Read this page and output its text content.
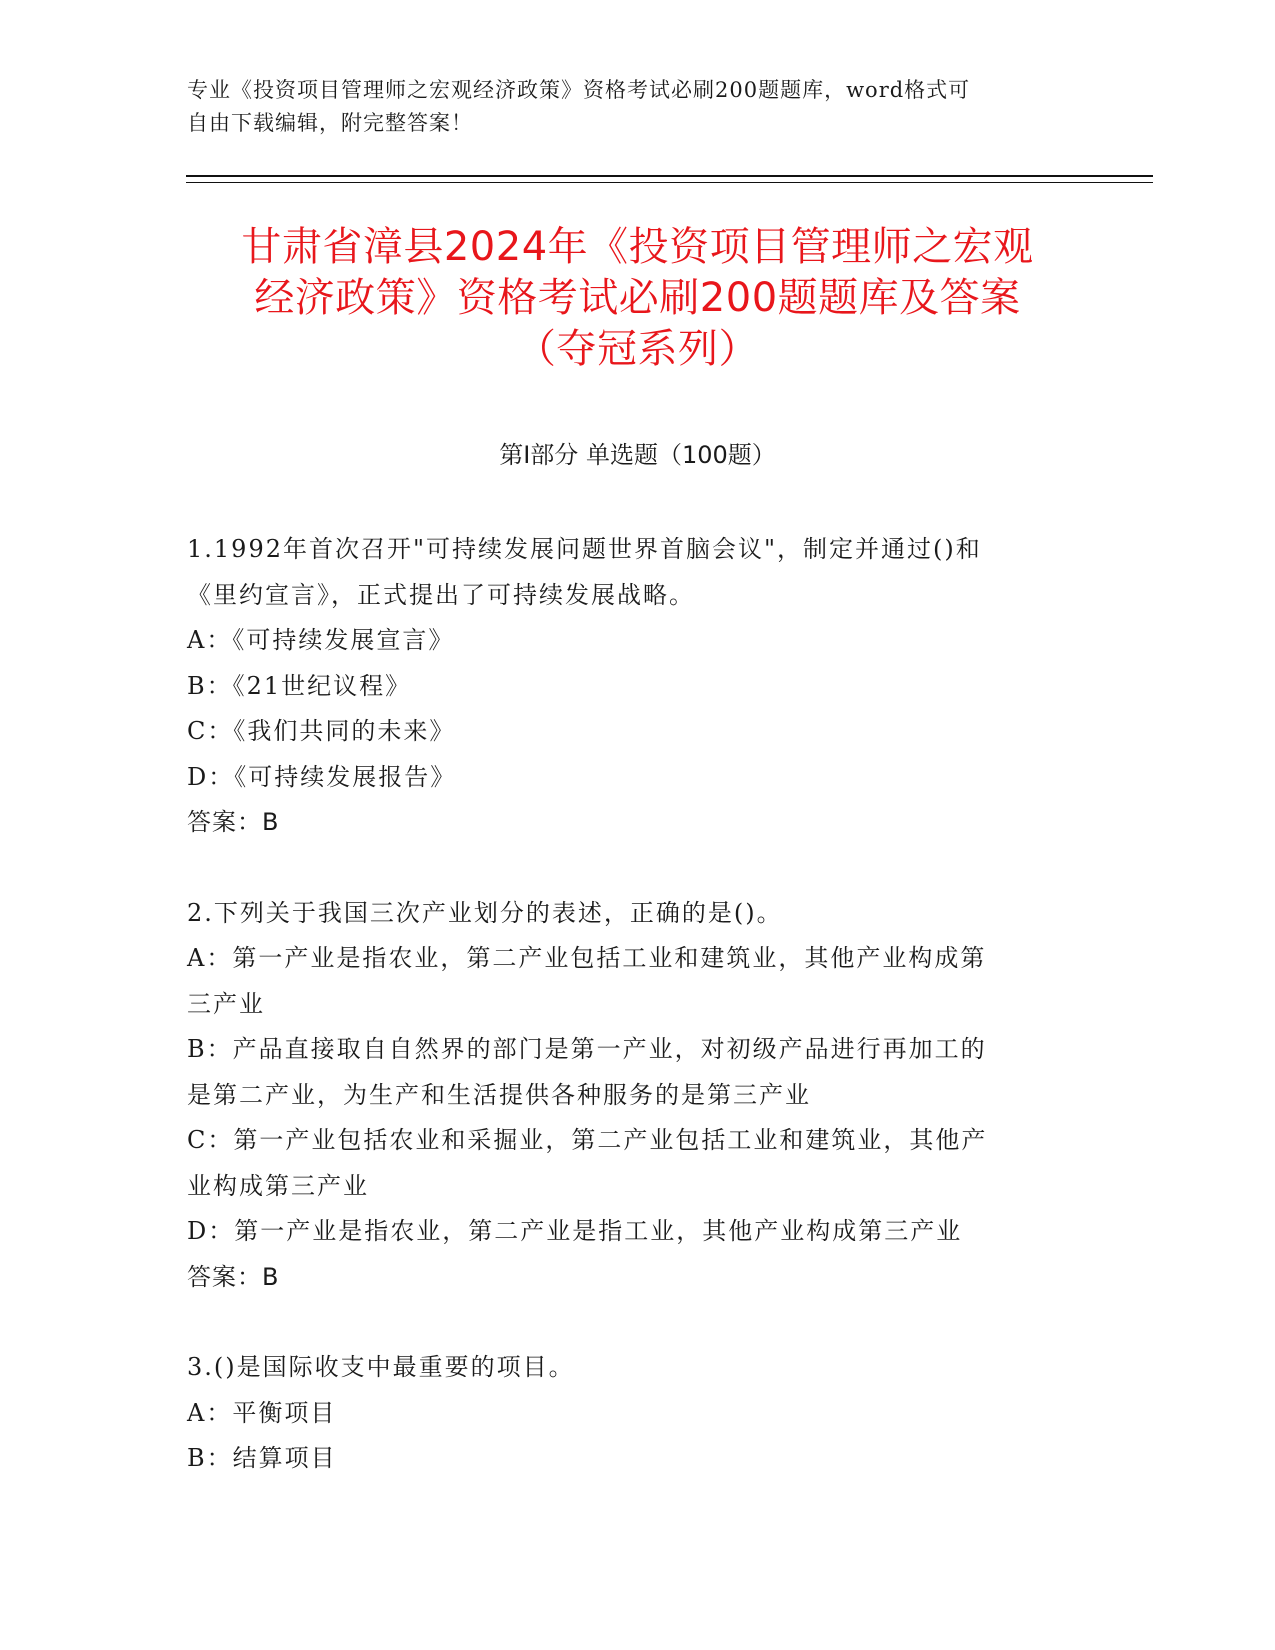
专业《投资项目管理师之宏观经济政策》资格考试必刷200题题库，word格式可
自由下载编辑，附完整答案！
甘肃省漳县2024年《投资项目管理师之宏观
经济政策》资格考试必刷200题题库及答案
（夺冠系列）
第Ⅰ部分 单选题（100题）
1.1992年首次召开"可持续发展问题世界首脑会议"，制定并通过()和
《里约宣言》，正式提出了可持续发展战略。
A：《可持续发展宣言》
B：《21世纪议程》
C：《我们共同的未来》
D：《可持续发展报告》
答案：B
2.下列关于我国三次产业划分的表述，正确的是()。
A：第一产业是指农业，第二产业包括工业和建筑业，其他产业构成第
三产业
B：产品直接取自自然界的部门是第一产业，对初级产品进行再加工的
是第二产业，为生产和生活提供各种服务的是第三产业
C：第一产业包括农业和采掘业，第二产业包括工业和建筑业，其他产
业构成第三产业
D：第一产业是指农业，第二产业是指工业，其他产业构成第三产业
答案：B
3.()是国际收支中最重要的项目。
A：平衡项目
B：结算项目
